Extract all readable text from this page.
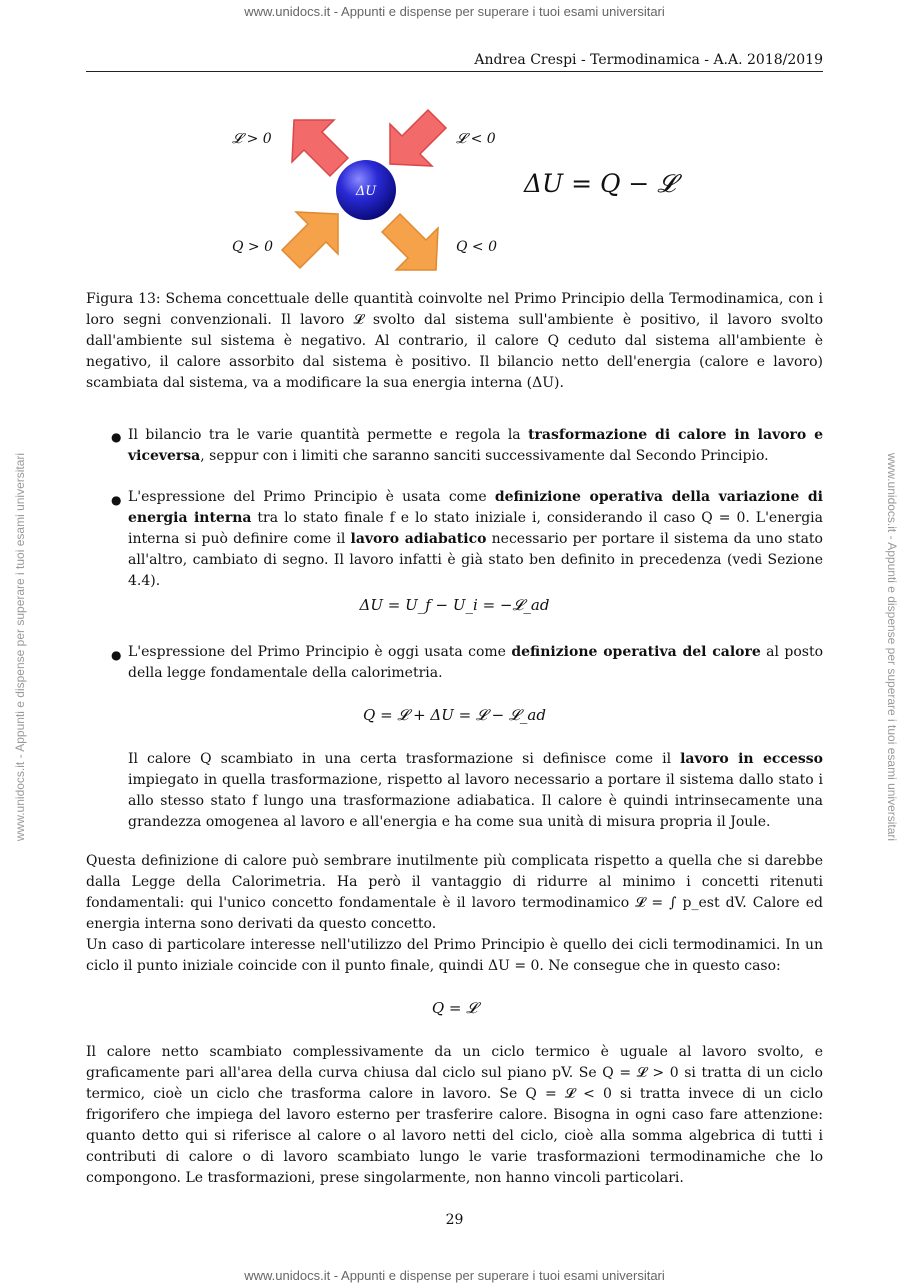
www.unidocs.it - Appunti e dispense per superare i tuoi esami universitari
www.unidocs.it - Appunti e dispense per superare i tuoi esami universitari
www.unidocs.it - Appunti e dispense per superare i tuoi esami universitari	www.unidocs.it - Appunti e dispense per superare i tuoi esami universitari
Andrea Crespi - Termodinamica - A.A. 2018/2019
ΔU
𝓛 > 0	𝓛 < 0
Q > 0	Q < 0
ΔU = Q − 𝓛
Figura 13: Schema concettuale delle quantità coinvolte nel Primo Principio della Termodinamica, con i loro segni convenzionali. Il lavoro 𝓛 svolto dal sistema sull'ambiente è positivo, il lavoro svolto dall'ambiente sul sistema è negativo. Al contrario, il calore Q ceduto dal sistema all'ambiente è negativo, il calore assorbito dal sistema è positivo. Il bilancio netto dell'energia (calore e lavoro) scambiata dal sistema, va a modificare la sua energia interna (ΔU).
● Il bilancio tra le varie quantità permette e regola la trasformazione di calore in lavoro e viceversa, seppur con i limiti che saranno sanciti successivamente dal Secondo Principio.
● L'espressione del Primo Principio è usata come definizione operativa della variazione di energia interna tra lo stato finale f e lo stato iniziale i, considerando il caso Q = 0. L'energia interna si può definire come il lavoro adiabatico necessario per portare il sistema da uno stato all'altro, cambiato di segno. Il lavoro infatti è già stato ben definito in precedenza (vedi Sezione 4.4).
ΔU = U_f − U_i = −𝓛_ad
● L'espressione del Primo Principio è oggi usata come definizione operativa del calore al posto della legge fondamentale della calorimetria.
Q = 𝓛 + ΔU = 𝓛 − 𝓛_ad
Il calore Q scambiato in una certa trasformazione si definisce come il lavoro in eccesso impiegato in quella trasformazione, rispetto al lavoro necessario a portare il sistema dallo stato i allo stesso stato f lungo una trasformazione adiabatica. Il calore è quindi intrinsecamente una grandezza omogenea al lavoro e all'energia e ha come sua unità di misura propria il Joule.
Questa definizione di calore può sembrare inutilmente più complicata rispetto a quella che si darebbe dalla Legge della Calorimetria. Ha però il vantaggio di ridurre al minimo i concetti ritenuti fondamentali: qui l'unico concetto fondamentale è il lavoro termodinamico 𝓛 = ∫ p_est dV. Calore ed energia interna sono derivati da questo concetto.
Un caso di particolare interesse nell'utilizzo del Primo Principio è quello dei cicli termodinamici. In un ciclo il punto iniziale coincide con il punto finale, quindi ΔU = 0. Ne consegue che in questo caso:
Q = 𝓛
Il calore netto scambiato complessivamente da un ciclo termico è uguale al lavoro svolto, e graficamente pari all'area della curva chiusa dal ciclo sul piano pV. Se Q = 𝓛 > 0 si tratta di un ciclo termico, cioè un ciclo che trasforma calore in lavoro. Se Q = 𝓛 < 0 si tratta invece di un ciclo frigorifero che impiega del lavoro esterno per trasferire calore. Bisogna in ogni caso fare attenzione: quanto detto qui si riferisce al calore o al lavoro netti del ciclo, cioè alla somma algebrica di tutti i contributi di calore o di lavoro scambiato lungo le varie trasformazioni termodinamiche che lo compongono. Le trasformazioni, prese singolarmente, non hanno vincoli particolari.
29
